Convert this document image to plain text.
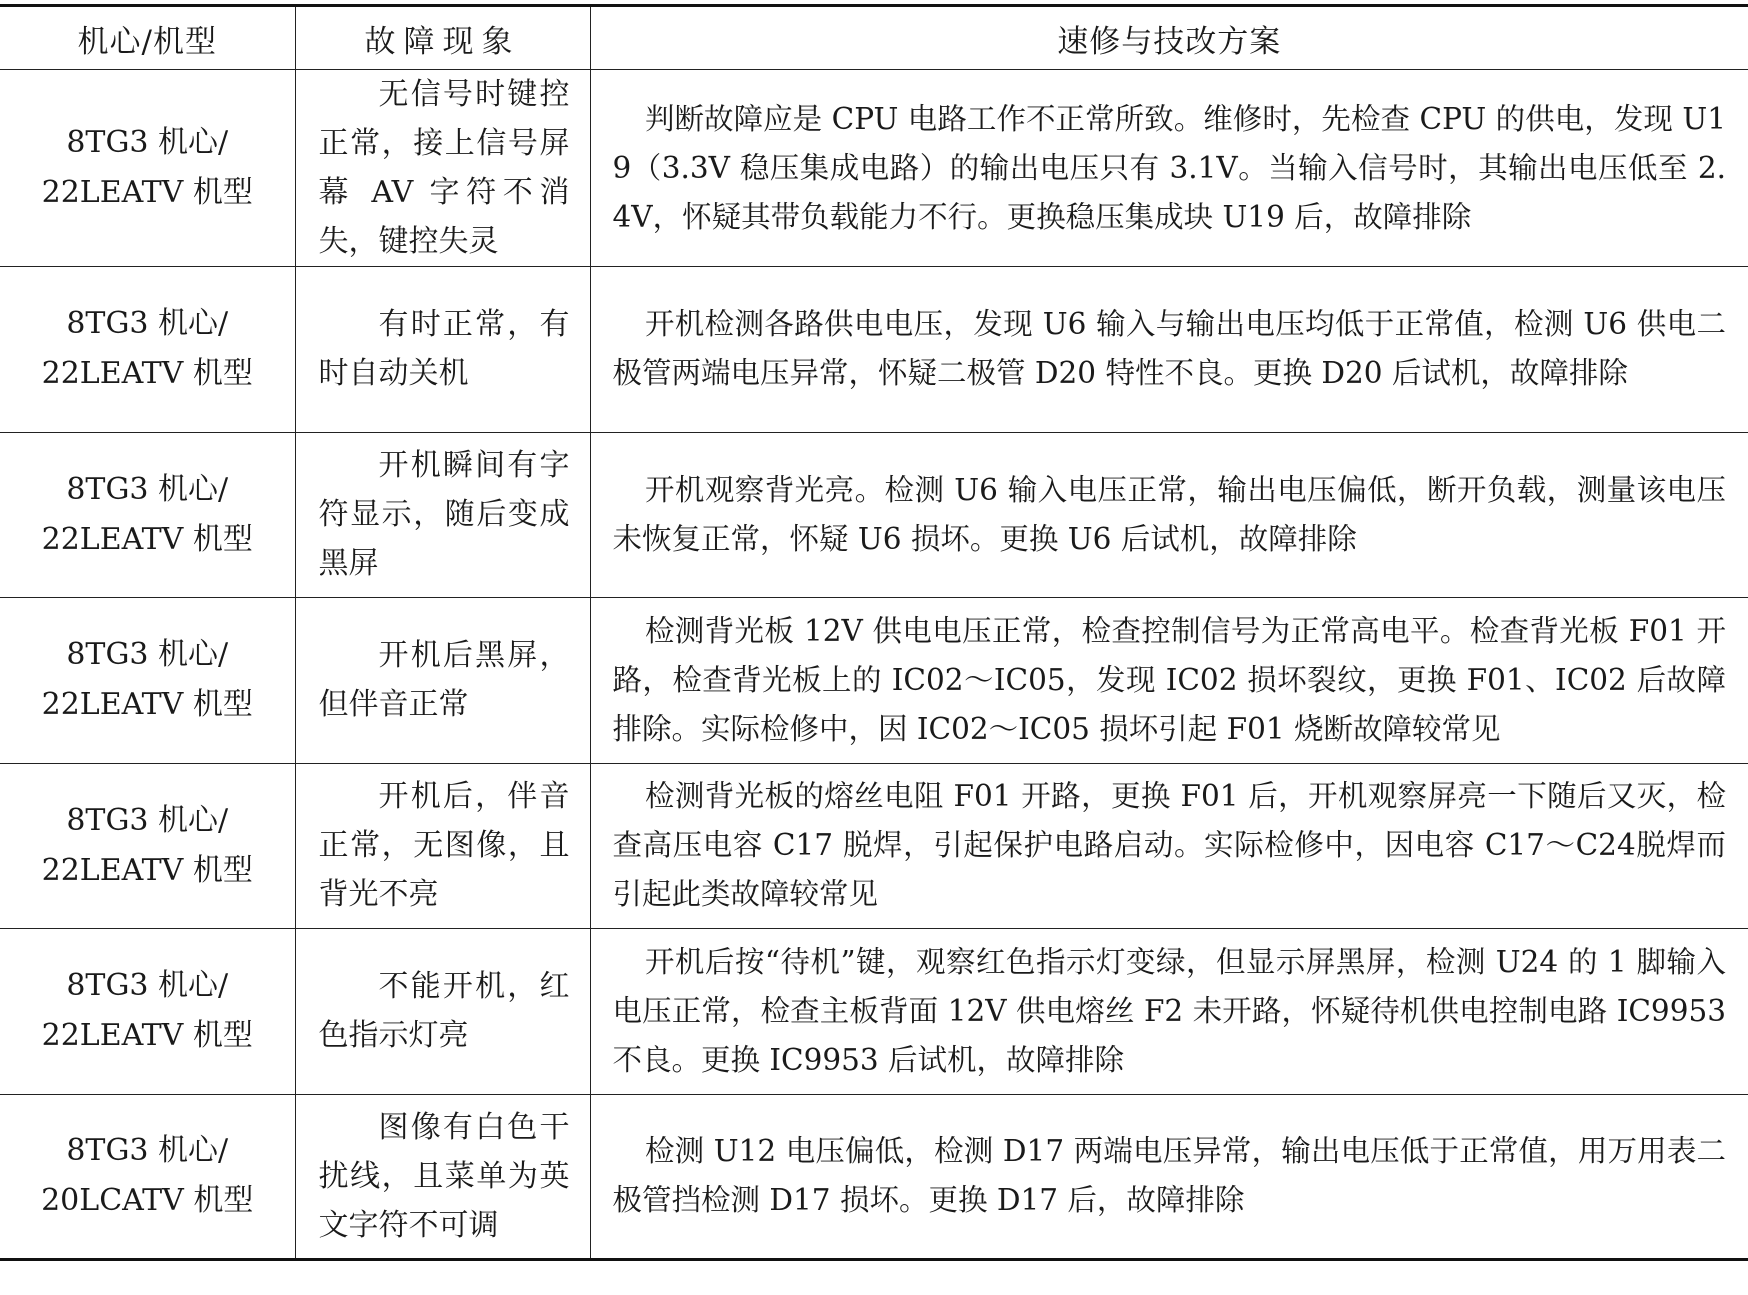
机心/机型	故障现象	速修与技改方案

8TG3 机心/
22LEATV 机型	无信号时键控正常，接上信号屏幕 AV 字符不消失，键控失灵	判断故障应是 CPU 电路工作不正常所致。维修时，先检查 CPU 的供电，发现 U19（3.3V 稳压集成电路）的输出电压只有 3.1V。当输入信号时，其输出电压低至 2.4V，怀疑其带负载能力不行。更换稳压集成块 U19 后，故障排除

8TG3 机心/
22LEATV 机型	有时正常，有时自动关机	开机检测各路供电电压，发现 U6 输入与输出电压均低于正常值，检测 U6 供电二极管两端电压异常，怀疑二极管 D20 特性不良。更换 D20 后试机，故障排除

8TG3 机心/
22LEATV 机型	开机瞬间有字符显示，随后变成黑屏	开机观察背光亮。检测 U6 输入电压正常，输出电压偏低，断开负载，测量该电压未恢复正常，怀疑 U6 损坏。更换 U6 后试机，故障排除

8TG3 机心/
22LEATV 机型	开机后黑屏，但伴音正常	检测背光板 12V 供电电压正常，检查控制信号为正常高电平。检查背光板 F01 开路，检查背光板上的 IC02～IC05，发现 IC02 损坏裂纹，更换 F01、IC02 后故障排除。实际检修中，因 IC02～IC05 损坏引起 F01 烧断故障较常见

8TG3 机心/
22LEATV 机型	开机后，伴音正常，无图像，且背光不亮	检测背光板的熔丝电阻 F01 开路，更换 F01 后，开机观察屏亮一下随后又灭，检查高压电容 C17 脱焊，引起保护电路启动。实际检修中，因电容 C17～C24脱焊而引起此类故障较常见

8TG3 机心/
22LEATV 机型	不能开机，红色指示灯亮	开机后按“待机”键，观察红色指示灯变绿，但显示屏黑屏，检测 U24 的 1 脚输入电压正常，检查主板背面 12V 供电熔丝 F2 未开路，怀疑待机供电控制电路 IC9953 不良。更换 IC9953 后试机，故障排除

8TG3 机心/
20LCATV 机型	图像有白色干扰线，且菜单为英文字符不可调	检测 U12 电压偏低，检测 D17 两端电压异常，输出电压低于正常值，用万用表二极管挡检测 D17 损坏。更换 D17 后，故障排除
